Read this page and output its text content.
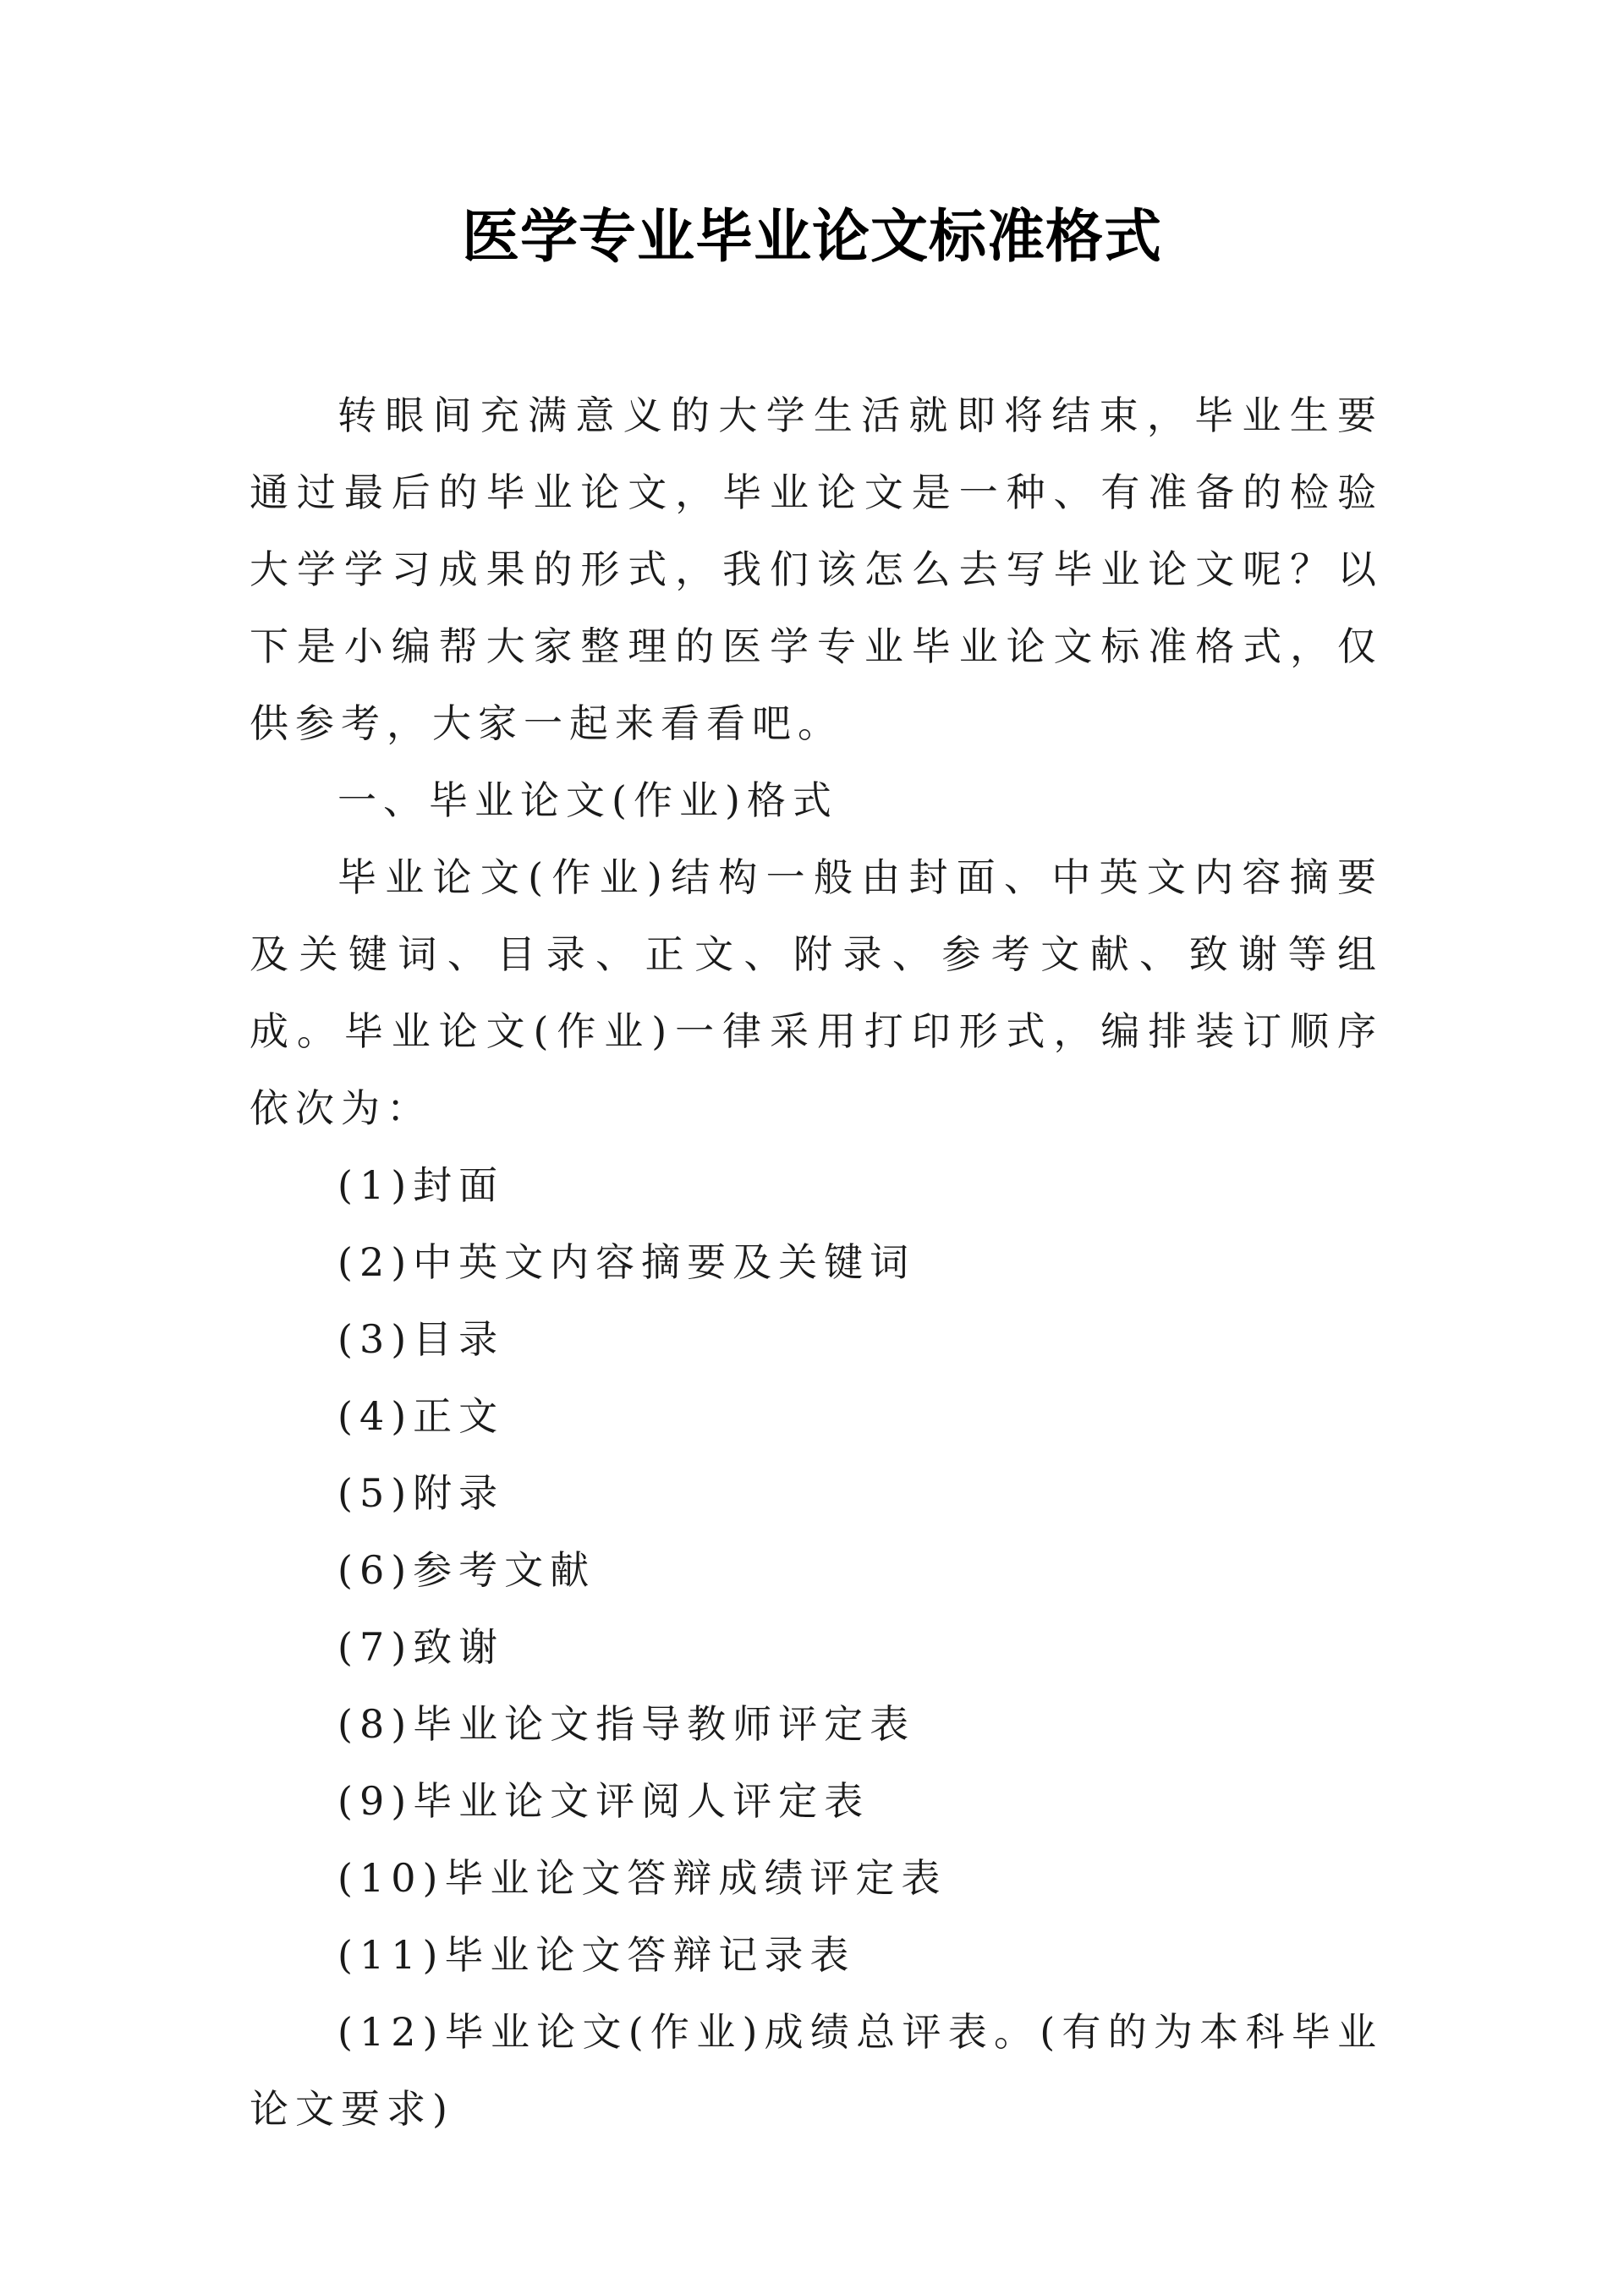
医学专业毕业论文标准格式

转眼间充满意义的大学生活就即将结束，毕业生要通过最后的毕业论文，毕业论文是一种、有准备的检验大学学习成果的形式，我们该怎么去写毕业论文呢？以下是小编帮大家整理的医学专业毕业论文标准格式，仅供参考，大家一起来看看吧。

一、毕业论文(作业)格式

毕业论文(作业)结构一般由封面、中英文内容摘要及关键词、目录、正文、附录、参考文献、致谢等组成。毕业论文(作业)一律采用打印形式，编排装订顺序依次为：

(1)封面

(2)中英文内容摘要及关键词

(3)目录

(4)正文

(5)附录

(6)参考文献

(7)致谢

(8)毕业论文指导教师评定表

(9)毕业论文评阅人评定表

(10)毕业论文答辩成绩评定表

(11)毕业论文答辩记录表

(12)毕业论文(作业)成绩总评表。(有的为本科毕业论文要求)
